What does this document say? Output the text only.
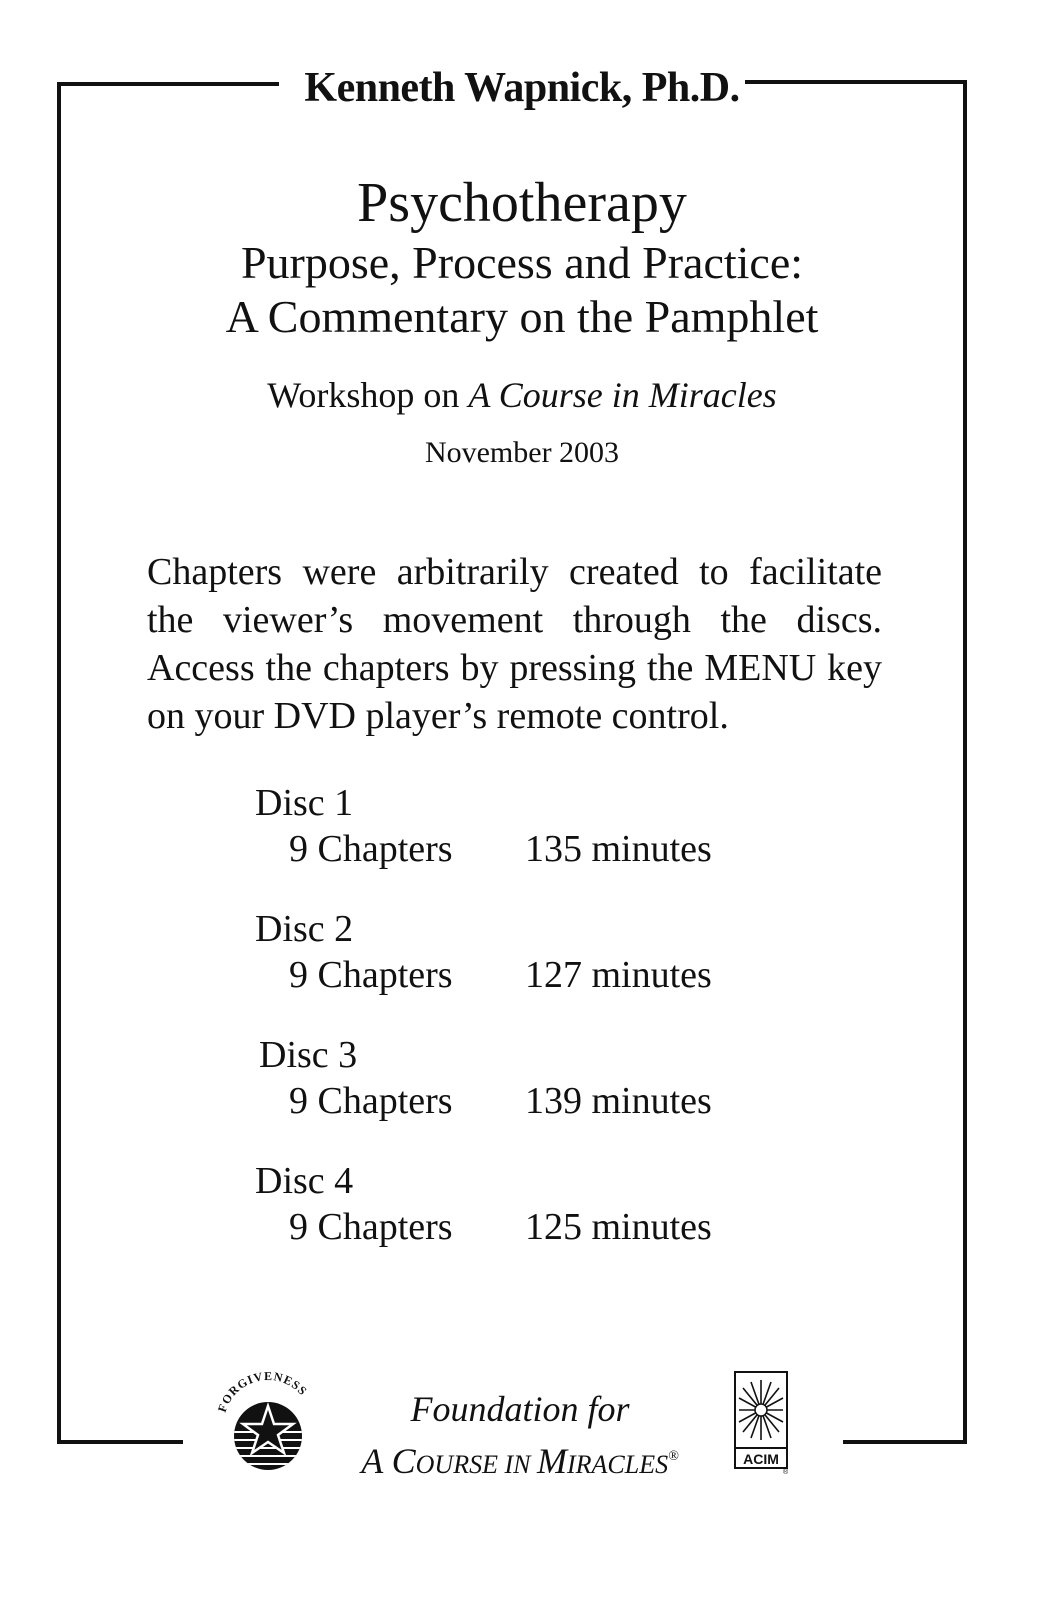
Kenneth Wapnick, Ph.D.
Psychotherapy
Purpose, Process and Practice:
A Commentary on the Pamphlet
Workshop on A Course in Miracles
November 2003
Chapters were arbitrarily created to facilitate the viewer’s movement through the discs. Access the chapters by pressing the MENU key on your DVD player’s remote control.
Disc 1
9 Chapters 135 minutes
Disc 2
9 Chapters 127 minutes
Disc 3
9 Chapters 139 minutes
Disc 4
9 Chapters 125 minutes
FORGIVENESS	Foundation for
A COURSE IN MIRACLES®	ACIM
®
